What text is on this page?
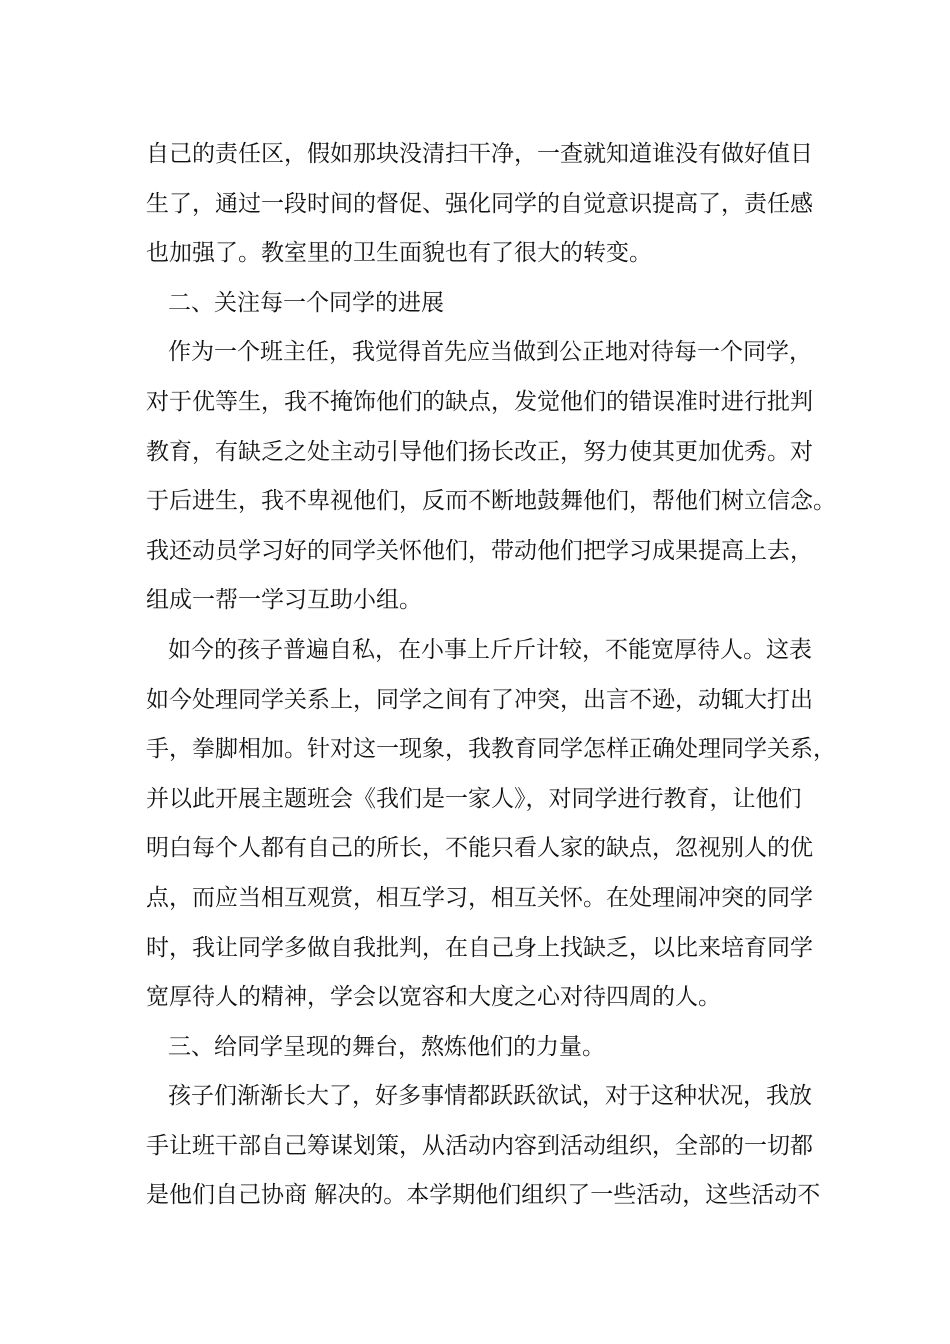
自己的责任区，假如那块没清扫干净，一查就知道谁没有做好值日
生了，通过一段时间的督促、强化同学的自觉意识提高了，责任感
也加强了。教室里的卫生面貌也有了很大的转变。
二、关注每一个同学的进展
作为一个班主任，我觉得首先应当做到公正地对待每一个同学，
对于优等生，我不掩饰他们的缺点，发觉他们的错误准时进行批判
教育，有缺乏之处主动引导他们扬长改正，努力使其更加优秀。对
于后进生，我不卑视他们，反而不断地鼓舞他们，帮他们树立信念。
我还动员学习好的同学关怀他们，带动他们把学习成果提高上去，
组成一帮一学习互助小组。
如今的孩子普遍自私，在小事上斤斤计较，不能宽厚待人。这表
如今处理同学关系上，同学之间有了冲突，出言不逊，动辄大打出
手，拳脚相加。针对这一现象，我教育同学怎样正确处理同学关系，
并以此开展主题班会《我们是一家人》，对同学进行教育，让他们
明白每个人都有自己的所长，不能只看人家的缺点，忽视别人的优
点，而应当相互观赏，相互学习，相互关怀。在处理闹冲突的同学
时，我让同学多做自我批判，在自己身上找缺乏，以比来培育同学
宽厚待人的精神，学会以宽容和大度之心对待四周的人。
三、给同学呈现的舞台，熬炼他们的力量。
孩子们渐渐长大了，好多事情都跃跃欲试，对于这种状况，我放
手让班干部自己筹谋划策，从活动内容到活动组织，全部的一切都
是他们自己协商 解决的。本学期他们组织了一些活动，这些活动不
